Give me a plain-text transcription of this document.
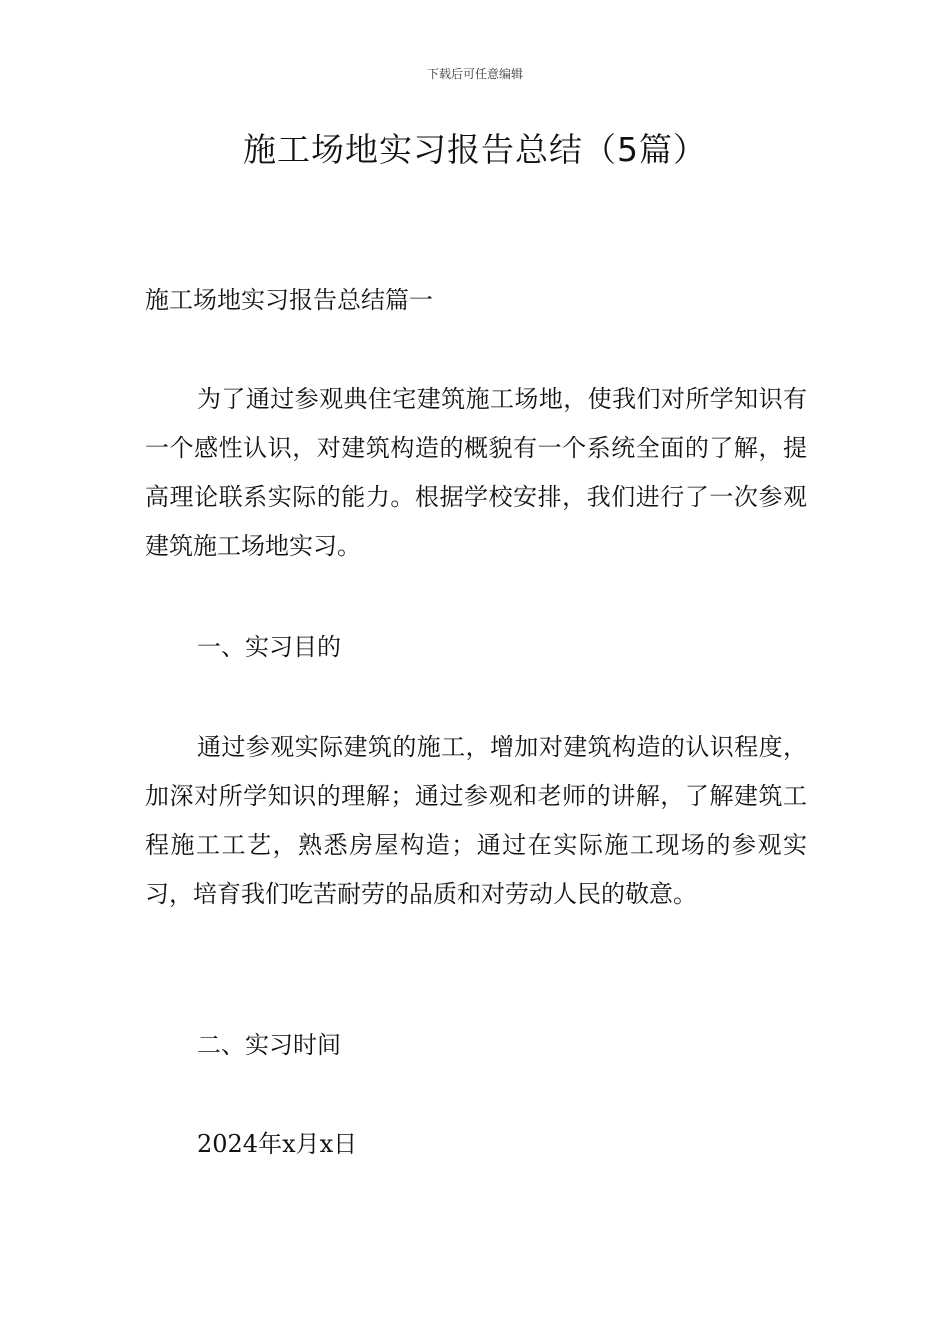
下载后可任意编辑
施工场地实习报告总结（5篇）

施工场地实习报告总结篇一

为了通过参观典住宅建筑施工场地，使我们对所学知识有一个感性认识，对建筑构造的概貌有一个系统全面的了解，提高理论联系实际的能力。根据学校安排，我们进行了一次参观建筑施工场地实习。

一、实习目的

通过参观实际建筑的施工，增加对建筑构造的认识程度，加深对所学知识的理解；通过参观和老师的讲解，了解建筑工程施工工艺，熟悉房屋构造；通过在实际施工现场的参观实习，培育我们吃苦耐劳的品质和对劳动人民的敬意。

二、实习时间

2024年x月x日
